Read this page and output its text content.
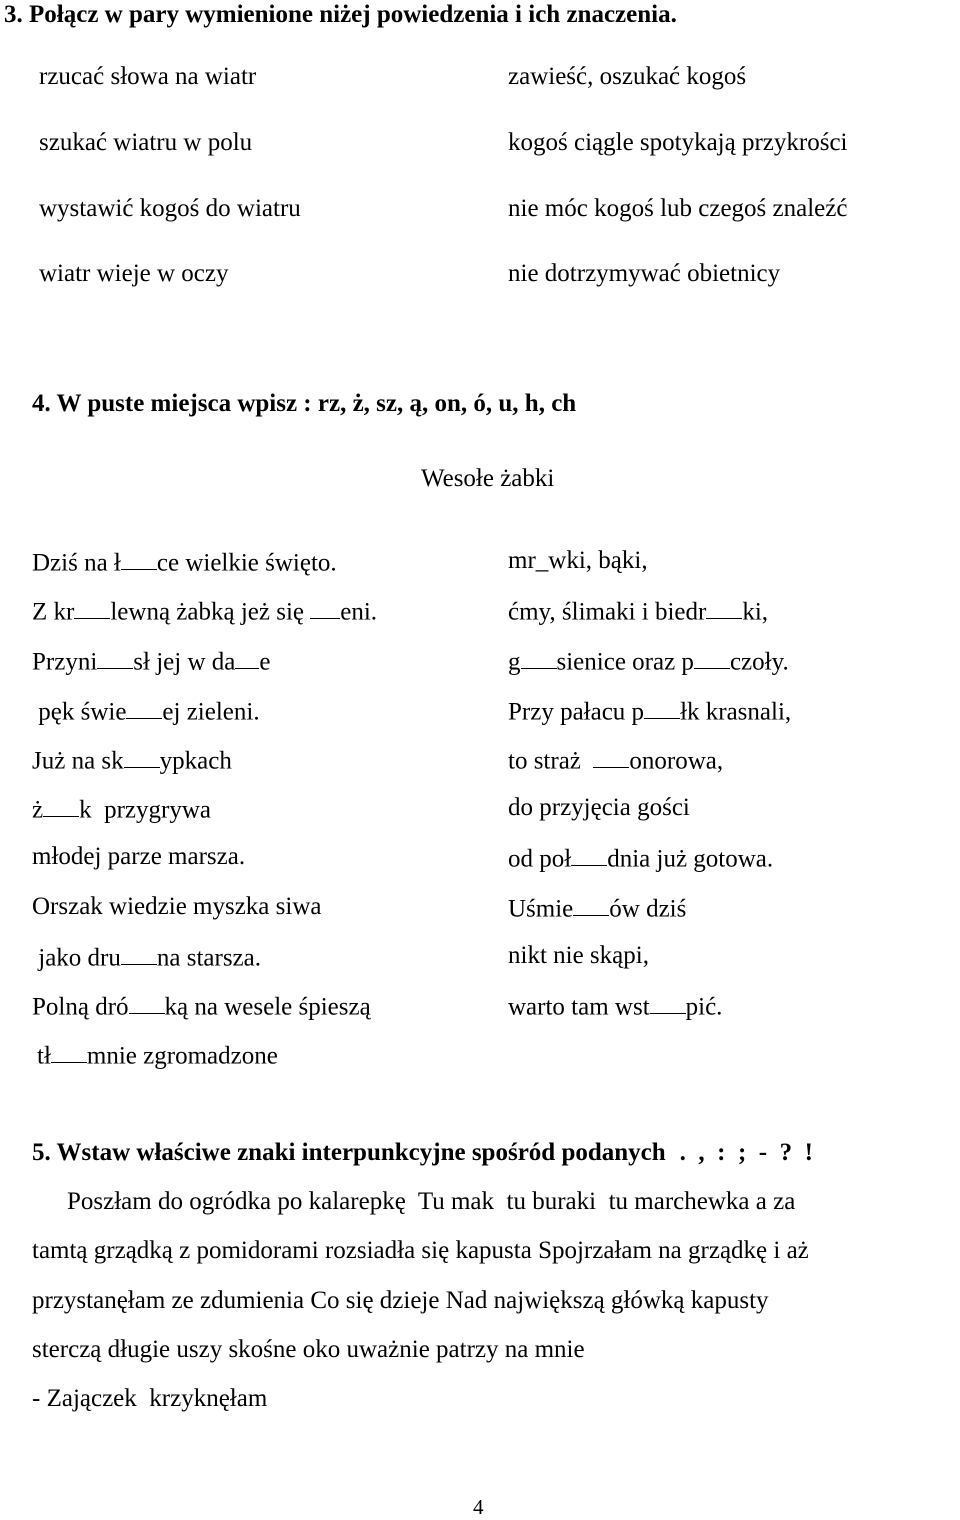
3. Połącz w pary wymienione niżej powiedzenia i ich znaczenia.
rzucać słowa na wiatr
szukać wiatru w polu
wystawić kogoś do wiatru
wiatr wieje w oczy
zawieść, oszukać kogoś
kogoś ciągle spotykają przykrości
nie móc kogoś lub czegoś znaleźć
nie dotrzymywać obietnicy
4. W puste miejsca wpisz : rz, ż, sz, ą, on, ó, u, h, ch
Wesołe żabki
Dziś na ł ce wielkie święto.
Z kr lewną żabką jeż się eni.
Przyni sł jej w da e
pęk świe ej zieleni.
Już na sk ypkach
ż k  przygrywa
młodej parze marsza.
Orszak wiedzie myszka siwa
jako dru na starsza.
Polną dró ką na wesele śpieszą
tł mnie zgromadzone
mr_wki, bąki,
ćmy, ślimaki i biedr ki,
g sienice oraz p czoły.
Przy pałacu p łk krasnali,
to straż  onorowa,
do przyjęcia gości
od poł dnia już gotowa.
Uśmie ów dziś
nikt nie skąpi,
warto tam wst pić.
5. Wstaw właściwe znaki interpunkcyjne spośród podanych .  ,  :  ;  -  ?  !
Poszłam do ogródka po kalarepkę  Tu mak  tu buraki  tu marchewka a za
tamtą grządką z pomidorami rozsiadła się kapusta Spojrzałam na grządkę i aż
przystanęłam ze zdumienia Co się dzieje Nad największą główką kapusty
sterczą długie uszy skośne oko uważnie patrzy na mnie
- Zajączek  krzyknęłam
4
